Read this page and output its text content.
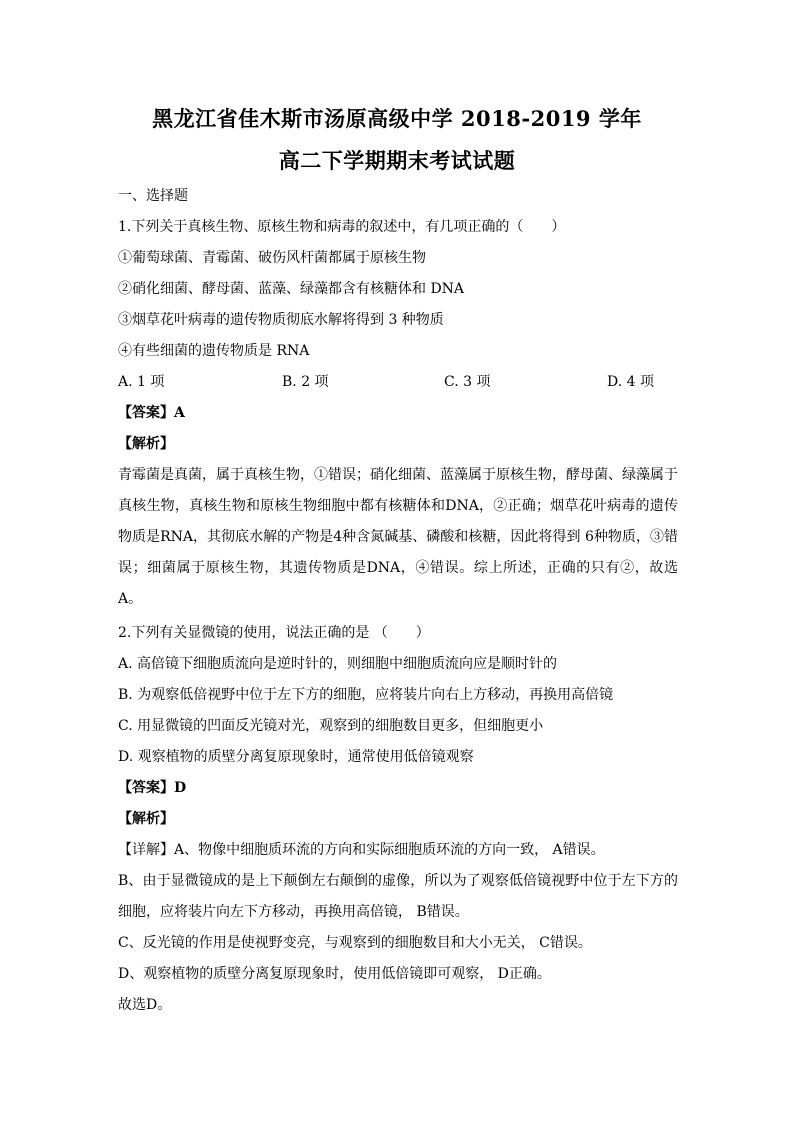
黑龙江省佳木斯市汤原高级中学 2018-2019 学年
高二下学期期末考试试题
一、选择题
1.下列关于真核生物、原核生物和病毒的叙述中，有几项正确的（　　）
①葡萄球菌、青霉菌、破伤风杆菌都属于原核生物
②硝化细菌、酵母菌、蓝藻、绿藻都含有核糖体和 DNA
③烟草花叶病毒的遗传物质彻底水解将得到 3 种物质
④有些细菌的遗传物质是 RNA
A. 1 项	B. 2 项	C. 3 项	D. 4 项
【答案】A
【解析】
青霉菌是真菌，属于真核生物，①错误；硝化细菌、蓝藻属于原核生物，酵母菌、绿藻属于真核生物，真核生物和原核生物细胞中都有核糖体和DNA，②正确；烟草花叶病毒的遗传物质是RNA，其彻底水解的产物是4种含氮碱基、磷酸和核糖，因此将得到 6种物质，③错误；细菌属于原核生物，其遗传物质是DNA，④错误。综上所述，正确的只有②，故选A。
2.下列有关显微镜的使用，说法正确的是 （　　）
A. 高倍镜下细胞质流向是逆时针的，则细胞中细胞质流向应是顺时针的
B. 为观察低倍视野中位于左下方的细胞，应将装片向右上方移动，再换用高倍镜
C. 用显微镜的凹面反光镜对光，观察到的细胞数目更多，但细胞更小
D. 观察植物的质壁分离复原现象时，通常使用低倍镜观察
【答案】D
【解析】
【详解】A、物像中细胞质环流的方向和实际细胞质环流的方向一致， A错误。
B、由于显微镜成的是上下颠倒左右颠倒的虚像，所以为了观察低倍镜视野中位于左下方的细胞，应将装片向左下方移动，再换用高倍镜， B错误。
C、反光镜的作用是使视野变亮，与观察到的细胞数目和大小无关， C错误。
D、观察植物的质壁分离复原现象时，使用低倍镜即可观察， D正确。
故选D。
